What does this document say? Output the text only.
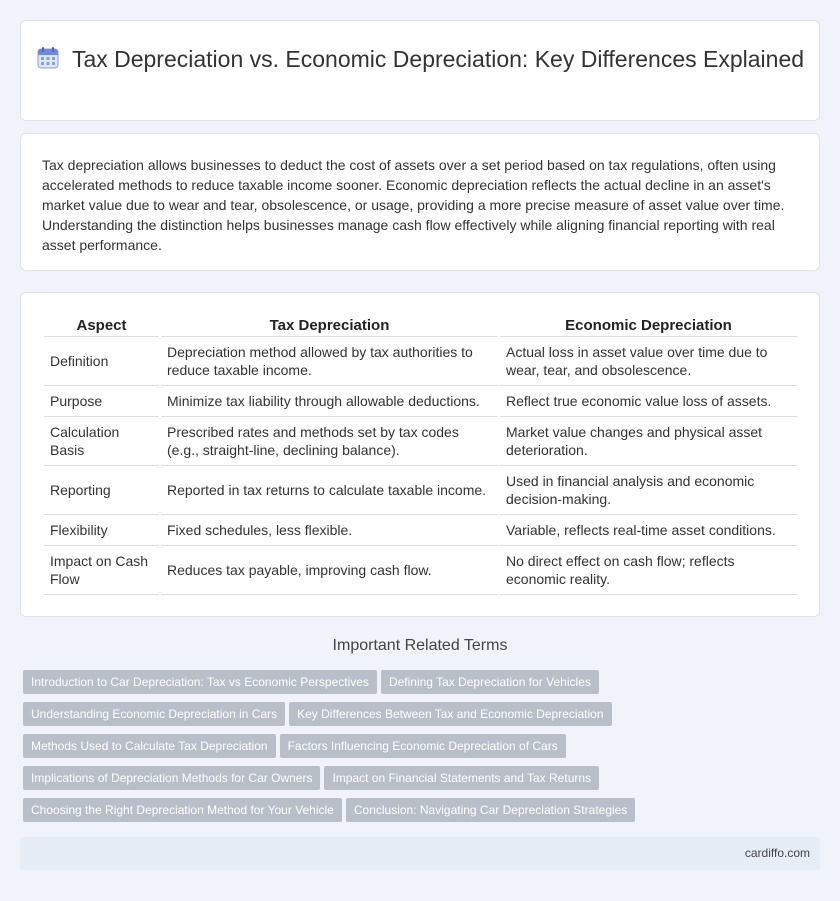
Tax Depreciation vs. Economic Depreciation: Key Differences Explained

Tax depreciation allows businesses to deduct the cost of assets over a set period based on tax regulations, often using accelerated methods to reduce taxable income sooner. Economic depreciation reflects the actual decline in an asset's market value due to wear and tear, obsolescence, or usage, providing a more precise measure of asset value over time. Understanding the distinction helps businesses manage cash flow effectively while aligning financial reporting with real asset performance.

Aspect	Tax Depreciation	Economic Depreciation
Definition	Depreciation method allowed by tax authorities to reduce taxable income.	Actual loss in asset value over time due to wear, tear, and obsolescence.
Purpose	Minimize tax liability through allowable deductions.	Reflect true economic value loss of assets.
Calculation Basis	Prescribed rates and methods set by tax codes (e.g., straight-line, declining balance).	Market value changes and physical asset deterioration.
Reporting	Reported in tax returns to calculate taxable income.	Used in financial analysis and economic decision-making.
Flexibility	Fixed schedules, less flexible.	Variable, reflects real-time asset conditions.
Impact on Cash Flow	Reduces tax payable, improving cash flow.	No direct effect on cash flow; reflects economic reality.
Important Related Terms
Introduction to Car Depreciation: Tax vs Economic Perspectives Defining Tax Depreciation for Vehicles
Understanding Economic Depreciation in Cars Key Differences Between Tax and Economic Depreciation
Methods Used to Calculate Tax Depreciation Factors Influencing Economic Depreciation of Cars
Implications of Depreciation Methods for Car Owners Impact on Financial Statements and Tax Returns
Choosing the Right Depreciation Method for Your Vehicle Conclusion: Navigating Car Depreciation Strategies
cardiffo.com
